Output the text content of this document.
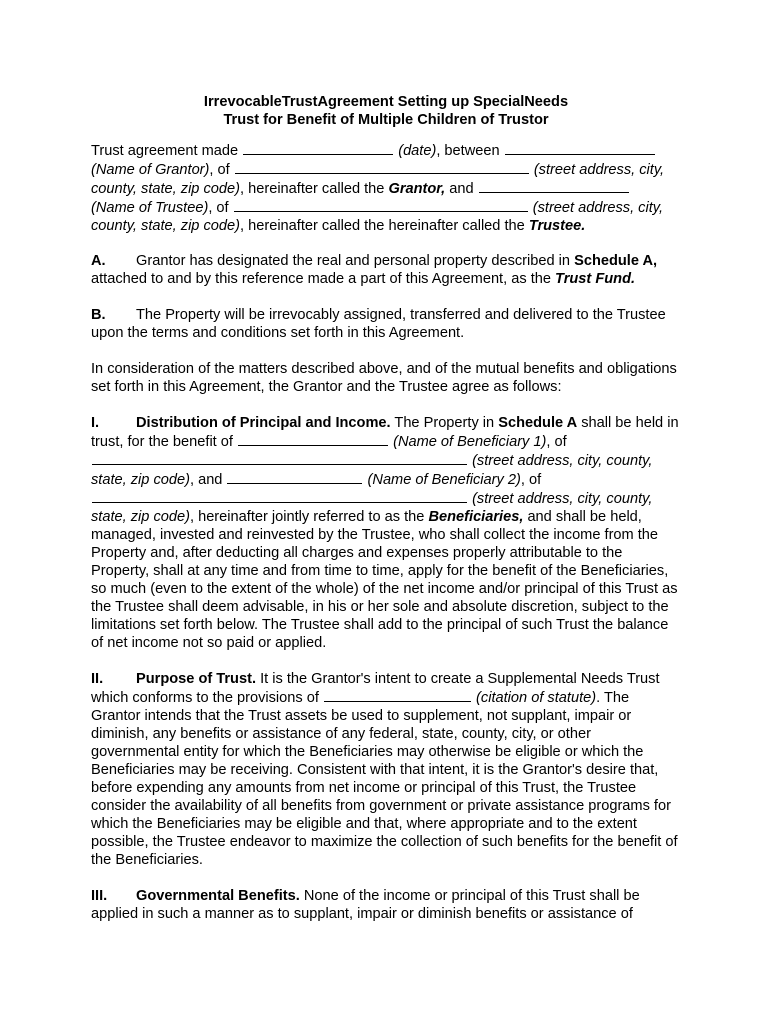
IrrevocableTrustAgreement Setting up SpecialNeeds
Trust for Benefit of Multiple Children of Trustor

Trust agreement made	(date), between
(Name of Grantor), of	(street address, city, county, state, zip code), hereinafter called the Grantor, and
(Name of Trustee), of	(street address, city, county, state, zip code), hereinafter called the hereinafter called the Trustee.

A. Grantor has designated the real and personal property described in Schedule A, attached to and by this reference made a part of this Agreement, as the Trust Fund.

B. The Property will be irrevocably assigned, transferred and delivered to the Trustee upon the terms and conditions set forth in this Agreement.

In consideration of the matters described above, and of the mutual benefits and obligations set forth in this Agreement, the Grantor and the Trustee agree as follows:

I.	Distribution of Principal and Income. The Property in Schedule A shall be held in trust, for the benefit of	(Name of Beneficiary 1), of
(street address, city, county, state, zip code), and	(Name of Beneficiary 2), of
(street address, city, county, state, zip code), hereinafter jointly referred to as the Beneficiaries, and shall be held, managed, invested and reinvested by the Trustee, who shall collect the income from the Property and, after deducting all charges and expenses properly attributable to the Property, shall at any time and from time to time, apply for the benefit of the Beneficiaries, so much (even to the extent of the whole) of the net income and/or principal of this Trust as the Trustee shall deem advisable, in his or her sole and absolute discretion, subject to the limitations set forth below. The Trustee shall add to the principal of such Trust the balance of net income not so paid or applied.

II. Purpose of Trust. It is the Grantor's intent to create a Supplemental Needs Trust which conforms to the provisions of	(citation of statute). The Grantor intends that the Trust assets be used to supplement, not supplant, impair or diminish, any benefits or assistance of any federal, state, county, city, or other governmental entity for which the Beneficiaries may otherwise be eligible or which the Beneficiaries may be receiving. Consistent with that intent, it is the Grantor's desire that, before expending any amounts from net income or principal of this Trust, the Trustee consider the availability of all benefits from government or private assistance programs for which the Beneficiaries may be eligible and that, where appropriate and to the extent possible, the Trustee endeavor to maximize the collection of such benefits for the benefit of the Beneficiaries.

III. Governmental Benefits. None of the income or principal of this Trust shall be applied in such a manner as to supplant, impair or diminish benefits or assistance of
